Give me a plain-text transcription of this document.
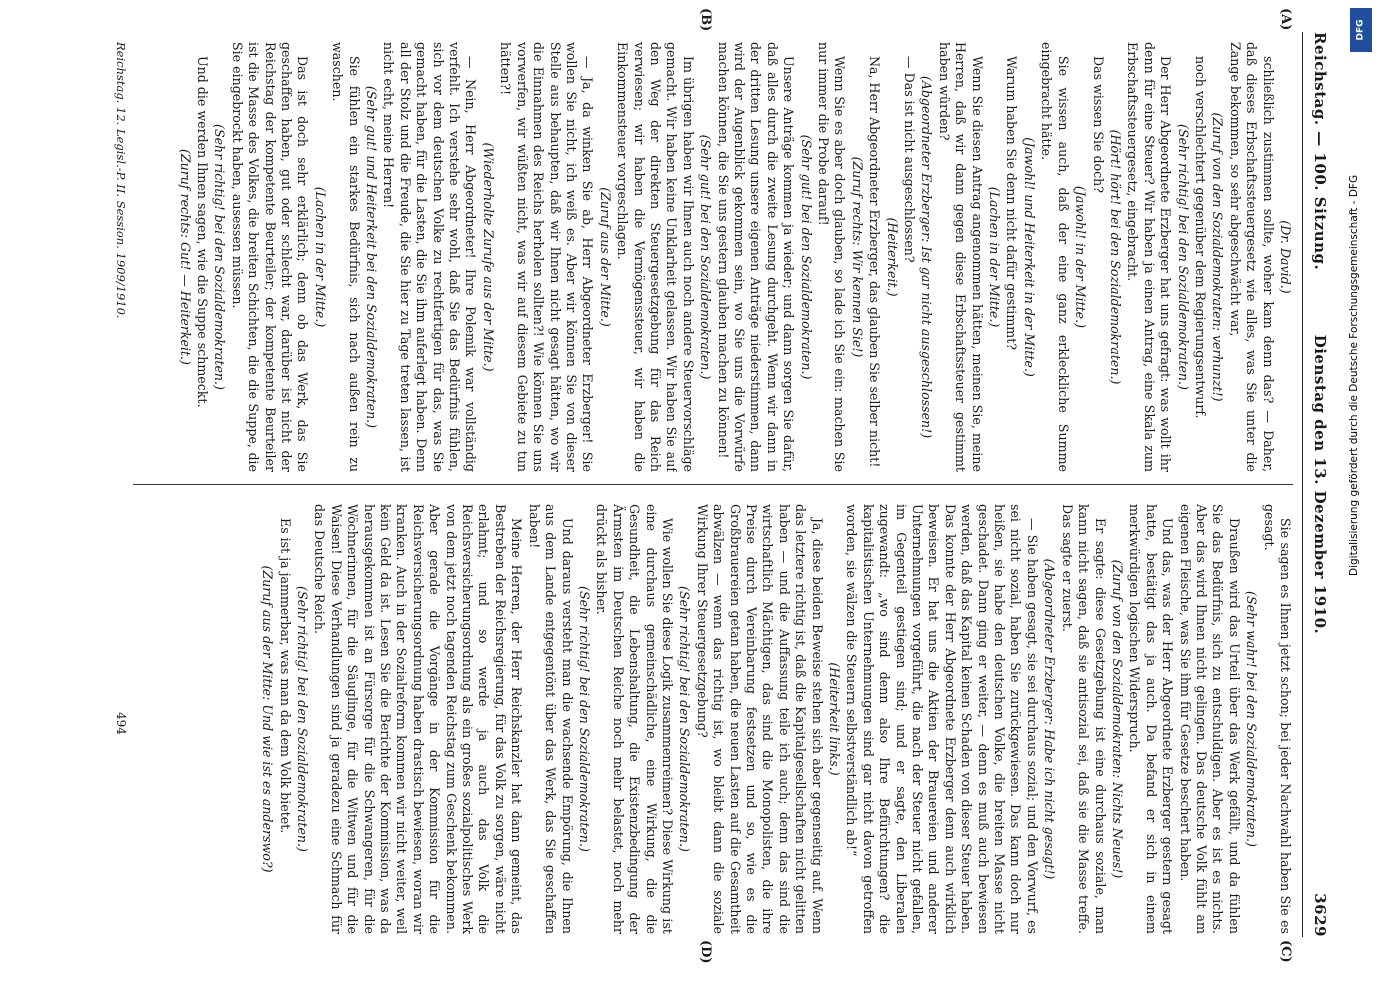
Reichstag. — 100. Sitzung.
Dienstag den 13. Dezember 1910.
3629
(A)
(B)
(C)
(D)

(Dr. David.)

schließlich zustimmen sollte, woher kam denn das? — Daher, daß dieses Erbschaftssteuergesetz wie alles, was Sie unter die Zange bekommen, so sehr abgeschwächt war,

(Zuruf von den Sozialdemokraten: verhunzt!)

noch verschlechtert gegenüber dem Regierungsentwurf.

(Sehr richtig! bei den Sozialdemokraten.)

Der Herr Abgeordnete Erzberger hat uns gefragt: was wollt ihr denn für eine Steuer? Wir haben ja einen Antrag, eine Skala zum Erbschaftssteuergesetz, eingebracht.

(Hört! hört! bei den Sozialdemokraten.)

Das wissen Sie doch?

(Jawohl! in der Mitte.)

Sie wissen auch, daß der eine ganz erkleckliche Summe eingebracht hätte.

(Jawohl! und Heiterkeit in der Mitte.)

Warum haben Sie denn nicht dafür gestimmt?

(Lachen in der Mitte.)

Wenn Sie diesen Antrag angenommen hätten, meinen Sie, meine Herren, daß wir dann gegen diese Erbschaftssteuer gestimmt haben würden?

(Abgeordneter Erzberger: Ist gar nicht ausgeschlossen!)

— Das ist nicht ausgeschlossen?

(Heiterkeit.)

Na, Herr Abgeordneter Erzberger, das glauben Sie selber nicht!

(Zuruf rechts: Wir kennen Sie!)

Wenn Sie es aber doch glauben, so lade ich Sie ein: machen Sie nur immer die Probe darauf!

(Sehr gut! bei den Sozialdemokraten.)

Unsere Anträge kommen ja wieder; und dann sorgen Sie dafür, daß alles durch die zweite Lesung durchgeht. Wenn wir dann in der dritten Lesung unsere eigenen Anträge niederstimmen, dann wird der Augenblick gekommen sein, wo Sie uns die Vorwürfe machen können, die Sie uns gestern glauben machen zu können!

(Sehr gut! bei den Sozialdemokraten.)

Im übrigen haben wir Ihnen auch noch andere Steuervorschläge gemacht. Wir haben keine Unklarheit gelassen. Wir haben Sie auf den Weg der direkten Steuergesetzgebung für das Reich verwiesen; wir haben die Vermögenssteuer, wir haben die Einkommensteuer vorgeschlagen.

(Zuruf aus der Mitte.)

— Ja, da winken Sie ab, Herr Abgeordneter Erzberger! Sie wollen Sie nicht, ich weiß es. Aber wir können Sie von dieser Stelle aus behaupten, daß wir Ihnen nicht gesagt hätten, wo wir die Einnahmen des Reichs herholen sollten?! Wie können Sie uns vorwerfen, wir wüßten nicht, was wir auf diesem Gebiete zu tun hätten?!

(Wiederholte Zurufe aus der Mitte.)

— Nein, Herr Abgeordneter! Ihre Polemik war vollständig verfehlt. Ich verstehe sehr wohl, daß Sie das Bedürfnis fühlen, sich vor dem deutschen Volke zu rechtfertigen für das, was Sie gemacht haben, für die Lasten, die Sie ihm auferlegt haben. Denn all der Stolz und die Freude, die Sie hier zu Tage treten lassen, ist nicht echt, meine Herren!

(Sehr gut! und Heiterkeit bei den Sozialdemokraten.)

Sie fühlen ein starkes Bedürfnis, sich nach außen rein zu waschen.

(Lachen in der Mitte.)

Das ist doch sehr erklärlich; denn ob das Werk, das Sie geschaffen haben, gut oder schlecht war, darüber ist nicht der Reichstag der kompetente Beurteiler; der kompetente Beurteiler ist die Masse des Volkes, die breiten Schichten, die die Suppe, die Sie eingebrockt haben, ausessen müssen.

(Sehr richtig! bei den Sozialdemokraten.)

Und die werden Ihnen sagen, wie die Suppe schmeckt.

(Zuruf rechts: Gut! — Heiterkeit.)

Sie sagen es Ihnen jetzt schon; bei jeder Nachwahl haben Sie es gesagt.

(Sehr wahr! bei den Sozialdemokraten.)

Draußen wird das Urteil über das Werk gefällt, und da fühlen Sie das Bedürfnis, sich zu entschuldigen. Aber es ist es nichts. Aber das wird Ihnen nicht gelingen. Das deutsche Volk fühlt am eigenen Fleische, was Sie ihm für Gesetze beschert haben.

Und das, was der Herr Abgeordnete Erzberger gestern gesagt hatte, bestätigt das ja auch. Da befand er sich in einem merkwürdigen logischen Widerspruch.

(Zuruf von den Sozialdemokraten: Nichts Neues!)

Er sagte: diese Gesetzgebung ist eine durchaus soziale, man kann nicht sagen, daß sie antisozial sei, daß sie die Masse treffe. Das sagte er zuerst.

(Abgeordneter Erzberger: Habe ich nicht gesagt!)

— Sie haben gesagt, sie sei durchaus sozial; und den Vorwurf, es sei nicht sozial, haben Sie zurückgewiesen. Das kann doch nur heißen, sie habe den deutschen Volke, die breiten Masse nicht geschadet. Dann ging er weiter, — denn es muß auch bewiesen werden, daß das Kapital keinen Schaden von dieser Steuer haben. Das konnte der Herr Abgeordnete Erzberger denn auch wirklich beweisen. Er hat uns die Aktien der Brauereien und anderer Unternehmungen vorgeführt, die nach der Steuer nicht gefallen, im Gegenteil gestiegen sind; und er sagte, den Liberalen zugewandt: „wo sind denn also Ihre Befürchtungen? die kapitalistischen Unternehmungen sind gar nicht davon getroffen worden, sie wälzen die Steuern selbstverständlich ab!“

(Heiterkeit links.)

Ja, diese beiden Beweise stehen sich aber gegenseitig auf. Wenn das letztere richtig ist, daß die Kapitalgesellschaften nicht gelitten haben — und die Auffassung teile ich auch; denn das sind die wirtschaftlich Mächtigen, das sind die Monopolisten, die ihre Preise durch Vereinbarung festsetzen und so, wie es die Großbrauereien getan haben, die neuen Lasten auf die Gesamtheit abwälzen — wenn das richtig ist, wo bleibt dann die soziale Wirkung Ihrer Steuergesetzgebung?

(Sehr richtig! bei den Sozialdemokraten.)

Wie wollen Sie diese Logik zusammenreimen? Diese Wirkung ist eine durchaus gemeinschädliche, eine Wirkung, die die Gesundheit, die Lebenshaltung, die Existenzbedingung der Ärmsten im Deutschen Reiche noch mehr belastet, noch mehr drückt als bisher.

(Sehr richtig! bei den Sozialdemokraten.)

Und daraus versteht man die wachsende Empörung, die Ihnen aus dem Lande entgegentönt über das Werk, das Sie geschaffen haben!

Meine Herren, der Herr Reichskanzler hat dann gemeint, das Bestreben der Reichsregierung, für das Volk zu sorgen, wäre nicht erlahmt; und so werde ja auch das Volk die Reichsversicherungsordnung als ein großes sozialpolitisches Werk von dem jetzt noch tagenden Reichstag zum Geschenk bekommen. Aber gerade die Vorgänge in der Kommission für die Reichsversicherungsordnung haben drastisch bewiesen, woran wir kranken. Auch in der Sozialreform kommen wir nicht weiter, weil kein Geld da ist. Lesen Sie die Berichte der Kommission, was da herausgekommen ist an Fürsorge für die Schwangeren, für die Wöchnerinnen, für die Säuglinge, für die Witwen und für die Waisen! Diese Verhandlungen sind ja geradezu eine Schmach für das Deutsche Reich.

(Sehr richtig! bei den Sozialdemokraten.)

Es ist ja jammerbar, was man da dem Volk bietet.

(Zuruf aus der Mitte: Und wie ist es anderswo?)

Reichstag. 12. Legisl.-P. II. Session. 1909/1910.
494
DFG
Digitalisierung gefördert durch die Deutsche Forschungsgemeinschaft - DFG
